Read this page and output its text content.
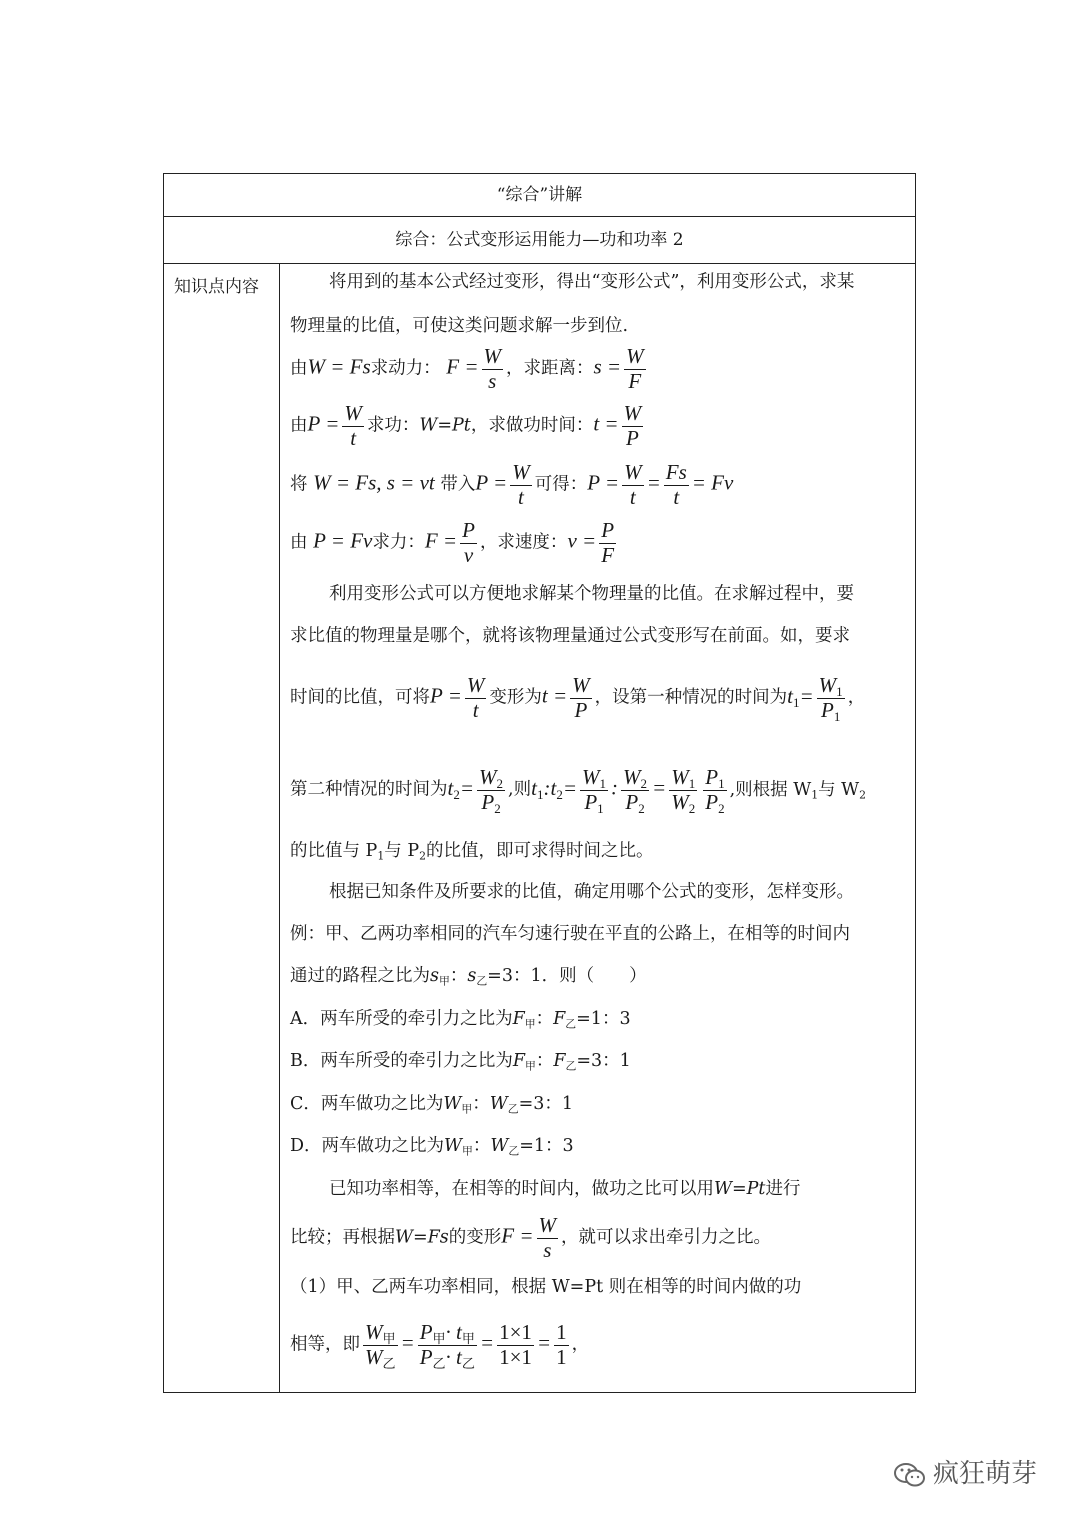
“综合”讲解
综合：公式变形运用能力—功和功率 2
知识点内容	将用到的基本公式经过变形，得出“变形公式”，利用变形公式，求某
物理量的比值，可使这类问题求解一步到位.
由W = Fs求动力： $F = \frac{W}{s}$ ，求距离：$s = \frac{W}{F}$
由$P = \frac{W}{t}$ 求功：W=Pt，求做功时间：$t = \frac{W}{P}$
将 W = Fs, s = vt 带入$P = \frac{W}{t}$ 可得：$P = \frac{W}{t} = \frac{Fs}{t} = Fv$
由 P = Fv求力：$F = \frac{P}{v}$ ，求速度：$v = \frac{P}{F}$
利用变形公式可以方便地求解某个物理量的比值。在求解过程中，要
求比值的物理量是哪个，就将该物理量通过公式变形写在前面。如，要求
时间的比值，可将$P = \frac{W}{t}$ 变形为$t = \frac{W}{P}$ ，设第一种情况的时间为$t_1= \frac{W_1}{P_1}$ ，
第二种情况的时间为$t_2= \frac{W_2}{P_2}$ ,则$t_1:t_2= \frac{W_1}{P_1}$ : $\frac{W_2}{P_2} = \frac{W_1}{W_2} \frac{P_1}{P_2}$ ,则根据 $W_1$与 $W_2$
的比值与 $P_1$与 $P_2$的比值，即可求得时间之比。
根据已知条件及所要求的比值，确定用哪个公式的变形，怎样变形。
例：甲、乙两功率相同的汽车匀速行驶在平直的公路上，在相等的时间内
通过的路程之比为$s_甲$：$s_乙=3$：1．则（　　）
A．两车所受的牵引力之比为$F_甲$：$F_乙=1$：3
B．两车所受的牵引力之比为$F_甲$：$F_乙=3$：1
C．两车做功之比为$W_甲$：$W_乙=3$：1
D．两车做功之比为$W_甲$：$W_乙=1$：3
已知功率相等，在相等的时间内，做功之比可以用W=Pt进行
比较；再根据W=Fs的变形$F = \frac{W}{s}$ ，就可以求出牵引力之比。
（1）甲、乙两车功率相同，根据 W=Pt 则在相等的时间内做的功
相等，即 $\frac{W_甲}{W_乙} = \frac{P_甲\cdot t_甲}{P_乙\cdot t_乙} = \frac{1\times 1}{1\times 1} = \frac{1}{1}$ ，
疯狂萌芽
